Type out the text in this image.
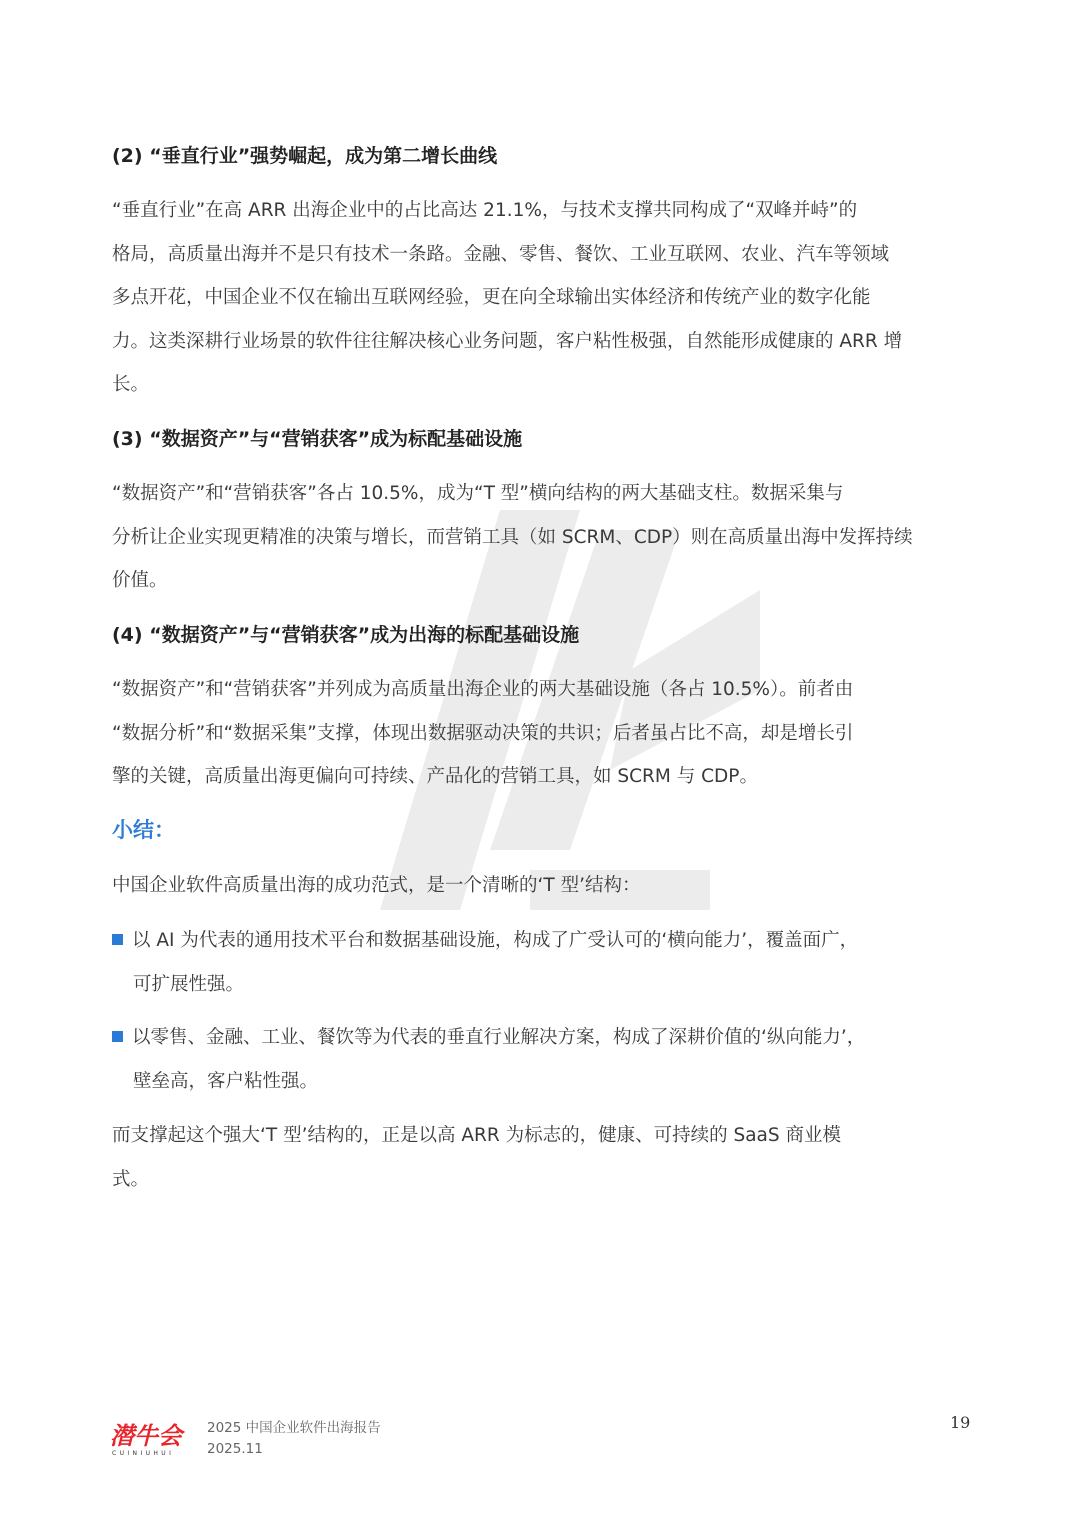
(2) “垂直行业”强势崛起，成为第二增长曲线
“垂直行业”在高 ARR 出海企业中的占比高达 21.1%，与技术支撑共同构成了“双峰并峙”的
格局，高质量出海并不是只有技术一条路。金融、零售、餐饮、工业互联网、农业、汽车等领域
多点开花，中国企业不仅在输出互联网经验，更在向全球输出实体经济和传统产业的数字化能
力。这类深耕行业场景的软件往往解决核心业务问题，客户粘性极强，自然能形成健康的 ARR 增
长。
(3) “数据资产”与“营销获客”成为标配基础设施
“数据资产”和“营销获客”各占 10.5%，成为“T 型”横向结构的两大基础支柱。数据采集与
分析让企业实现更精准的决策与增长，而营销工具（如 SCRM、CDP）则在高质量出海中发挥持续
价值。
(4) “数据资产”与“营销获客”成为出海的标配基础设施
“数据资产”和“营销获客”并列成为高质量出海企业的两大基础设施（各占 10.5%）。前者由
“数据分析”和“数据采集”支撑，体现出数据驱动决策的共识；后者虽占比不高，却是增长引
擎的关键，高质量出海更偏向可持续、产品化的营销工具，如 SCRM 与 CDP。
小结：
中国企业软件高质量出海的成功范式，是一个清晰的‘T 型’结构：
以 AI 为代表的通用技术平台和数据基础设施，构成了广受认可的‘横向能力’，覆盖面广，
可扩展性强。
以零售、金融、工业、餐饮等为代表的垂直行业解决方案，构成了深耕价值的‘纵向能力’，
壁垒高，客户粘性强。
而支撑起这个强大‘T 型’结构的，正是以高 ARR 为标志的，健康、可持续的 SaaS 商业模
式。
潜牛会
CUINIUHUI
2025 中国企业软件出海报告
2025.11
19
